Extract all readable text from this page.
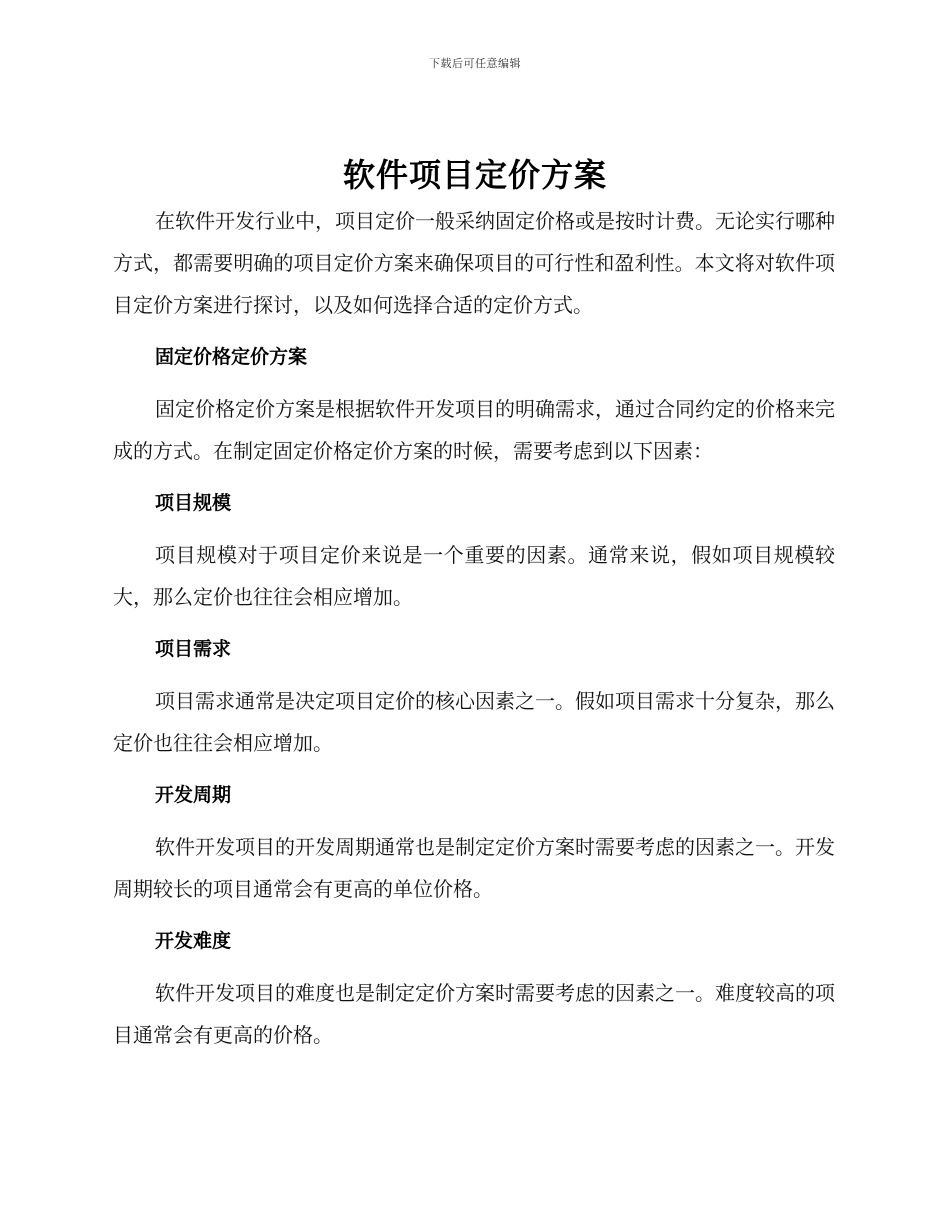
下载后可任意编辑
软件项目定价方案

在软件开发行业中，项目定价一般采纳固定价格或是按时计费。无论实行哪种方式，都需要明确的项目定价方案来确保项目的可行性和盈利性。本文将对软件项目定价方案进行探讨，以及如何选择合适的定价方式。

固定价格定价方案

固定价格定价方案是根据软件开发项目的明确需求，通过合同约定的价格来完成的方式。在制定固定价格定价方案的时候，需要考虑到以下因素：

项目规模

项目规模对于项目定价来说是一个重要的因素。通常来说，假如项目规模较大，那么定价也往往会相应增加。

项目需求

项目需求通常是决定项目定价的核心因素之一。假如项目需求十分复杂，那么定价也往往会相应增加。

开发周期

软件开发项目的开发周期通常也是制定定价方案时需要考虑的因素之一。开发周期较长的项目通常会有更高的单位价格。

开发难度

软件开发项目的难度也是制定定价方案时需要考虑的因素之一。难度较高的项目通常会有更高的价格。
